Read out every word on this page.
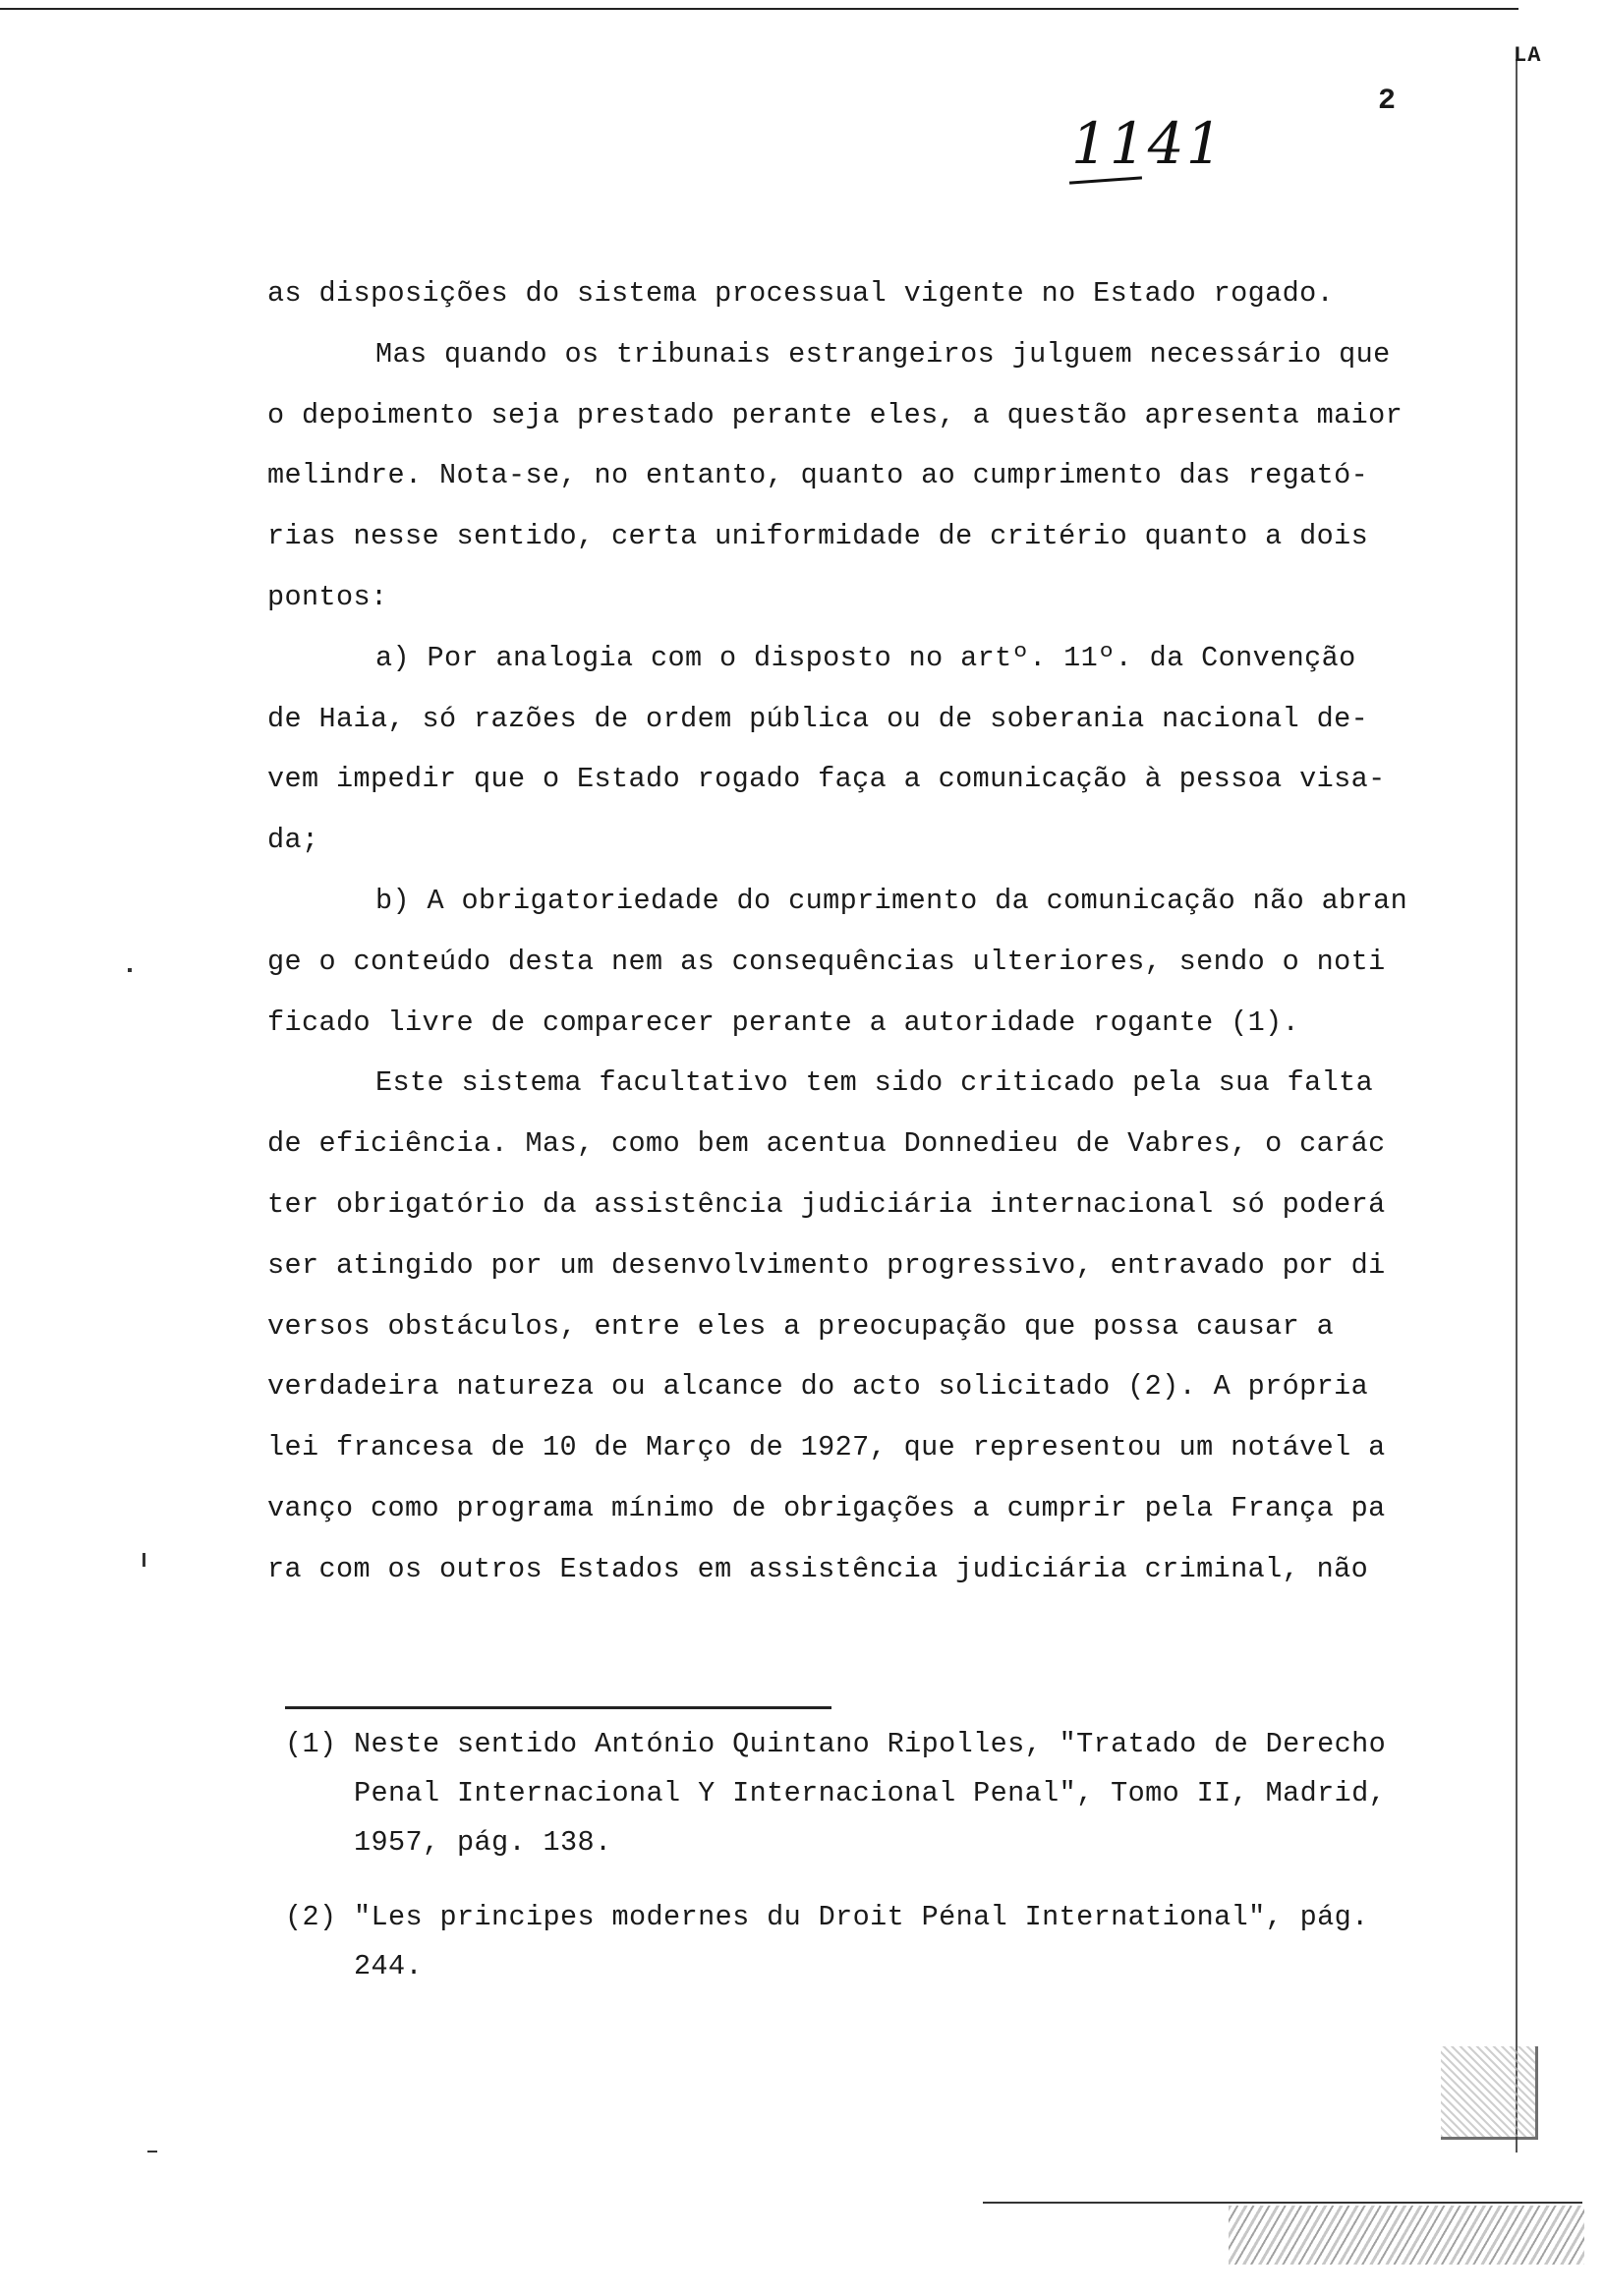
LA
2
1141
as disposições do sistema processual vigente no Estado rogado.
Mas quando os tribunais estrangeiros julguem necessário que
o depoimento seja prestado perante eles, a questão apresenta maior
melindre. Nota-se, no entanto, quanto ao cumprimento das regató-
rias nesse sentido, certa uniformidade de critério quanto a dois
pontos:
a) Por analogia com o disposto no artº. 11º. da Convenção
de Haia, só razões de ordem pública ou de soberania nacional de-
vem impedir que o Estado rogado faça a comunicação à pessoa visa-
da;
b) A obrigatoriedade do cumprimento da comunicação não abran
ge o conteúdo desta nem as consequências ulteriores, sendo o noti
ficado livre de comparecer perante a autoridade rogante (1).
Este sistema facultativo tem sido criticado pela sua falta
de eficiência. Mas, como bem acentua Donnedieu de Vabres, o carác
ter obrigatório da assistência judiciária internacional só poderá
ser atingido por um desenvolvimento progressivo, entravado por di
versos obstáculos, entre eles a preocupação que possa causar a
verdadeira natureza ou alcance do acto solicitado (2). A própria
lei francesa de 10 de Março de 1927, que representou um notável a
vanço como programa mínimo de obrigações a cumprir pela França pa
ra com os outros Estados em assistência judiciária criminal, não
(1) Neste sentido António Quintano Ripolles, "Tratado de Derecho
Penal Internacional Y Internacional Penal", Tomo II, Madrid,
1957, pág. 138.
(2) "Les principes modernes du Droit Pénal International", pág.
244.
